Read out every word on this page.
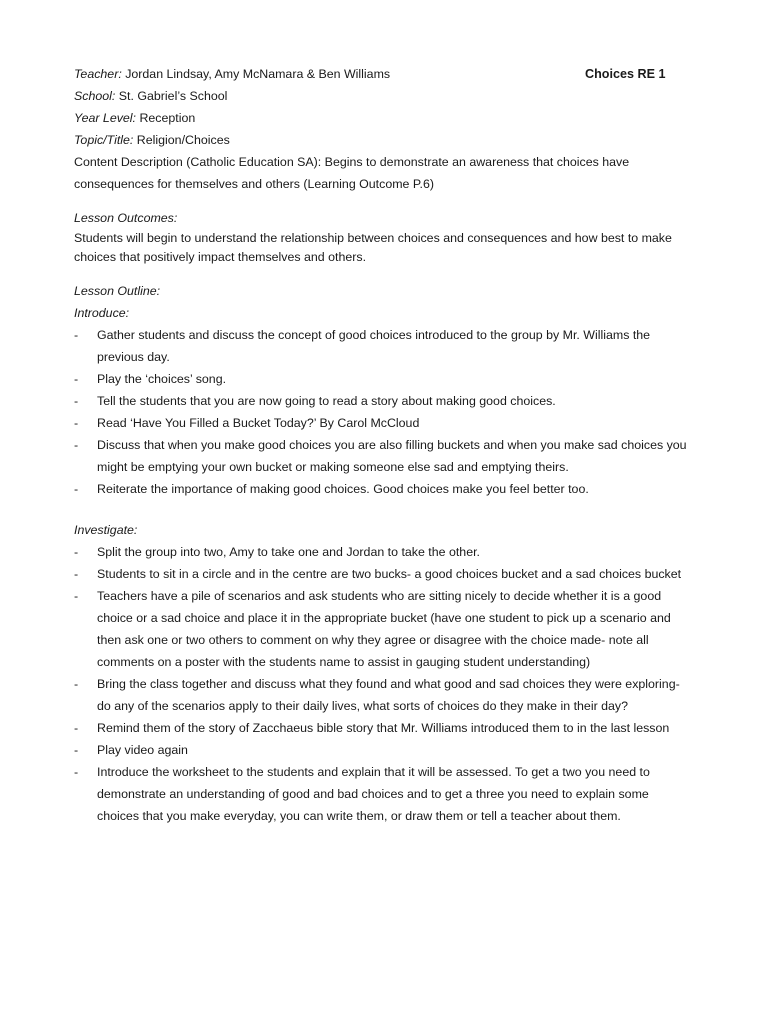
Teacher: Jordan Lindsay, Amy McNamara & Ben Williams	Choices RE 1
School: St. Gabriel’s School
Year Level: Reception
Topic/Title: Religion/Choices
Content Description (Catholic Education SA): Begins to demonstrate an awareness that choices have consequences for themselves and others (Learning Outcome P.6)
Lesson Outcomes:
Students will begin to understand the relationship between choices and consequences and how best to make choices that positively impact themselves and others.
Lesson Outline:
Introduce:
-	Gather students and discuss the concept of good choices introduced to the group by Mr. Williams the previous day.
-	Play the ‘choices’ song.
-	Tell the students that you are now going to read a story about making good choices.
-	Read ‘Have You Filled a Bucket Today?’ By Carol McCloud
-	Discuss that when you make good choices you are also filling buckets and when you make sad choices you might be emptying your own bucket or making someone else sad and emptying theirs.
-	Reiterate the importance of making good choices. Good choices make you feel better too.
Investigate:
-	Split the group into two, Amy to take one and Jordan to take the other.
-	Students to sit in a circle and in the centre are two bucks- a good choices bucket and a sad choices bucket
-	Teachers have a pile of scenarios and ask students who are sitting nicely to decide whether it is a good choice or a sad choice and place it in the appropriate bucket (have one student to pick up a scenario and then ask one or two others to comment on why they agree or disagree with the choice made- note all comments on a poster with the students name to assist in gauging student understanding)
-	Bring the class together and discuss what they found and what good and sad choices they were exploring- do any of the scenarios apply to their daily lives, what sorts of choices do they make in their day?
-	Remind them of the story of Zacchaeus bible story that Mr. Williams introduced them to in the last lesson
-	Play video again
-	Introduce the worksheet to the students and explain that it will be assessed. To get a two you need to demonstrate an understanding of good and bad choices and to get a three you need to explain some choices that you make everyday, you can write them, or draw them or tell a teacher about them.
